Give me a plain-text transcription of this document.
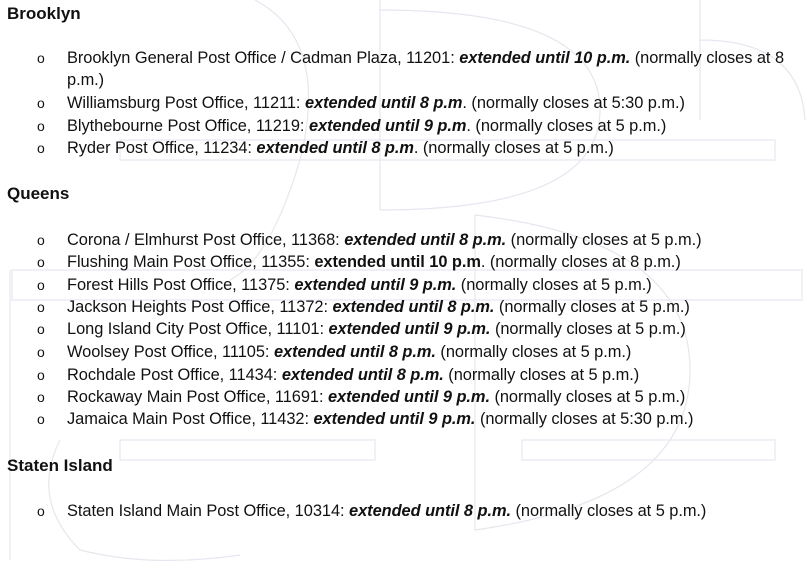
Brooklyn
o Brooklyn General Post Office / Cadman Plaza, 11201: extended until 10 p.m. (normally closes at 8 p.m.)
o Williamsburg Post Office, 11211: extended until 8 p.m. (normally closes at 5:30 p.m.)
o Blythebourne Post Office, 11219: extended until 9 p.m. (normally closes at 5 p.m.)
o Ryder Post Office, 11234: extended until 8 p.m. (normally closes at 5 p.m.)
Queens
o Corona / Elmhurst Post Office, 11368: extended until 8 p.m. (normally closes at 5 p.m.)
o Flushing Main Post Office, 11355: extended until 10 p.m. (normally closes at 8 p.m.)
o Forest Hills Post Office, 11375: extended until 9 p.m. (normally closes at 5 p.m.)
o Jackson Heights Post Office, 11372: extended until 8 p.m. (normally closes at 5 p.m.)
o Long Island City Post Office, 11101: extended until 9 p.m. (normally closes at 5 p.m.)
o Woolsey Post Office, 11105: extended until 8 p.m. (normally closes at 5 p.m.)
o Rochdale Post Office, 11434: extended until 8 p.m. (normally closes at 5 p.m.)
o Rockaway Main Post Office, 11691: extended until 9 p.m. (normally closes at 5 p.m.)
o Jamaica Main Post Office, 11432: extended until 9 p.m. (normally closes at 5:30 p.m.)
Staten Island
o Staten Island Main Post Office, 10314: extended until 8 p.m. (normally closes at 5 p.m.)
